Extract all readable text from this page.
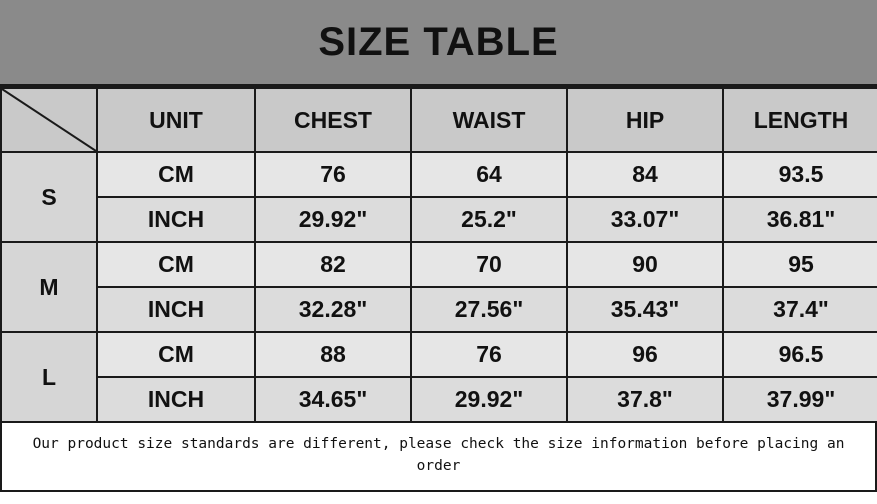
SIZE TABLE
	UNIT	CHEST	WAIST	HIP	LENGTH
S	CM	76	64	84	93.5
	INCH	29.92"	25.2"	33.07"	36.81"
M	CM	82	70	90	95
	INCH	32.28"	27.56"	35.43"	37.4"
L	CM	88	76	96	96.5
	INCH	34.65"	29.92"	37.8"	37.99"
Our product size standards are different, please check the size information before placing an order
